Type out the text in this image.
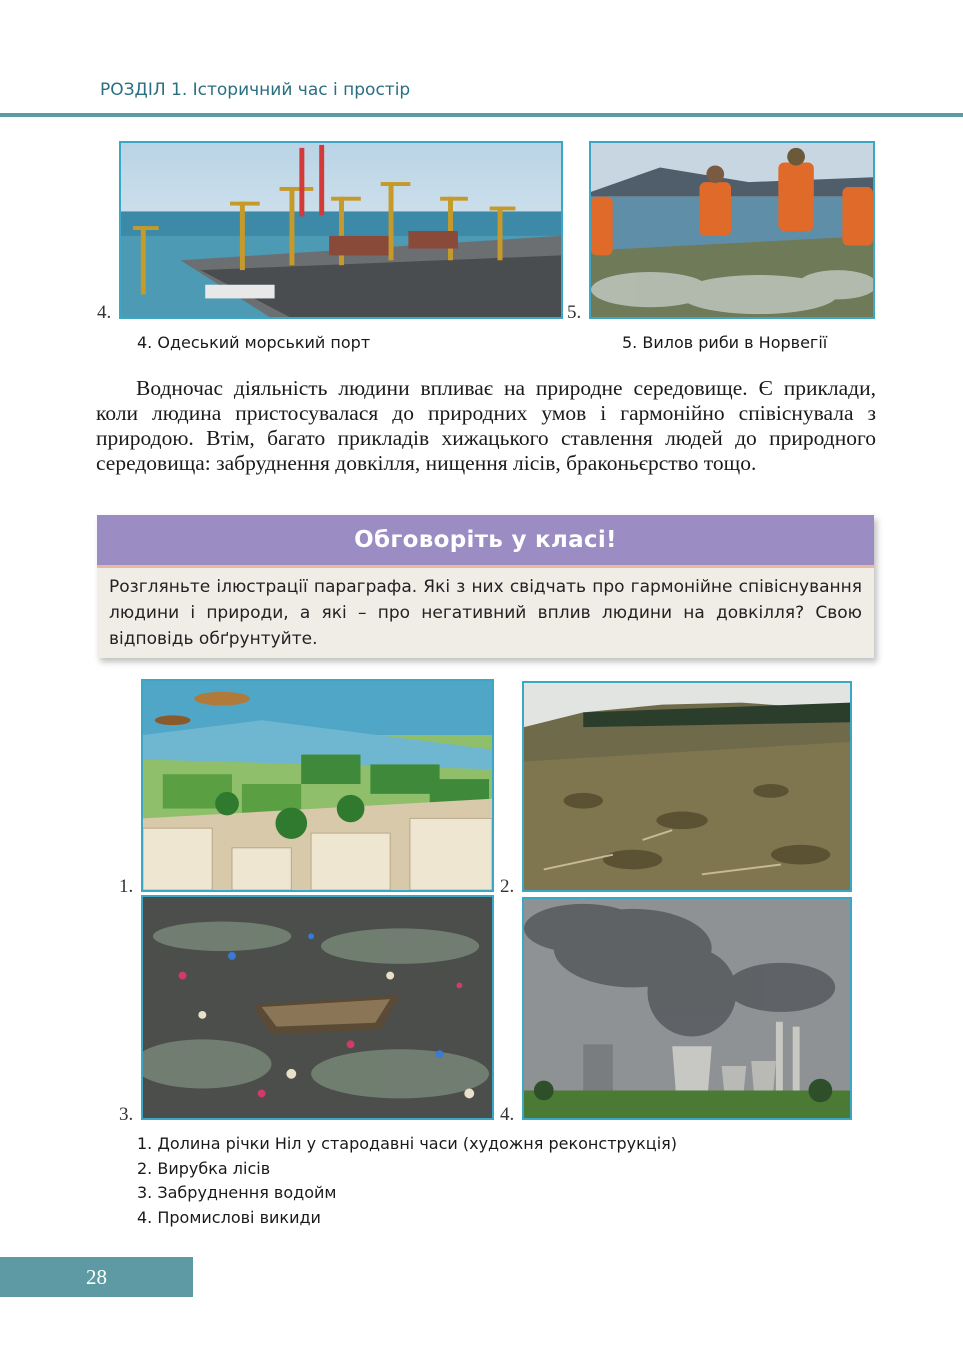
РОЗДІЛ 1. Історичний час і простір
4.	5.
4. Одеський морський порт	5. Вилов риби в Норвегії
Водночас діяльність людини впливає на природне середовище. Є приклади, коли людина пристосувалася до природних умов і гармонійно співіснувала з природою. Втім, багато прикладів хижацького ставлення людей до природного середовища: забруднення довкілля, нищення лісів, браконьєрство тощо.
Обговоріть у класі!
Розгляньте ілюстрації параграфа. Які з них свідчать про гармонійне співіснування людини і природи, а які – про негативний вплив людини на довкілля? Свою відповідь обґрунтуйте.
1.	2.
3.	4.
1. Долина річки Ніл у стародавні часи (художня реконструкція)
2. Вирубка лісів
3. Забруднення водойм
4. Промислові викиди
28
